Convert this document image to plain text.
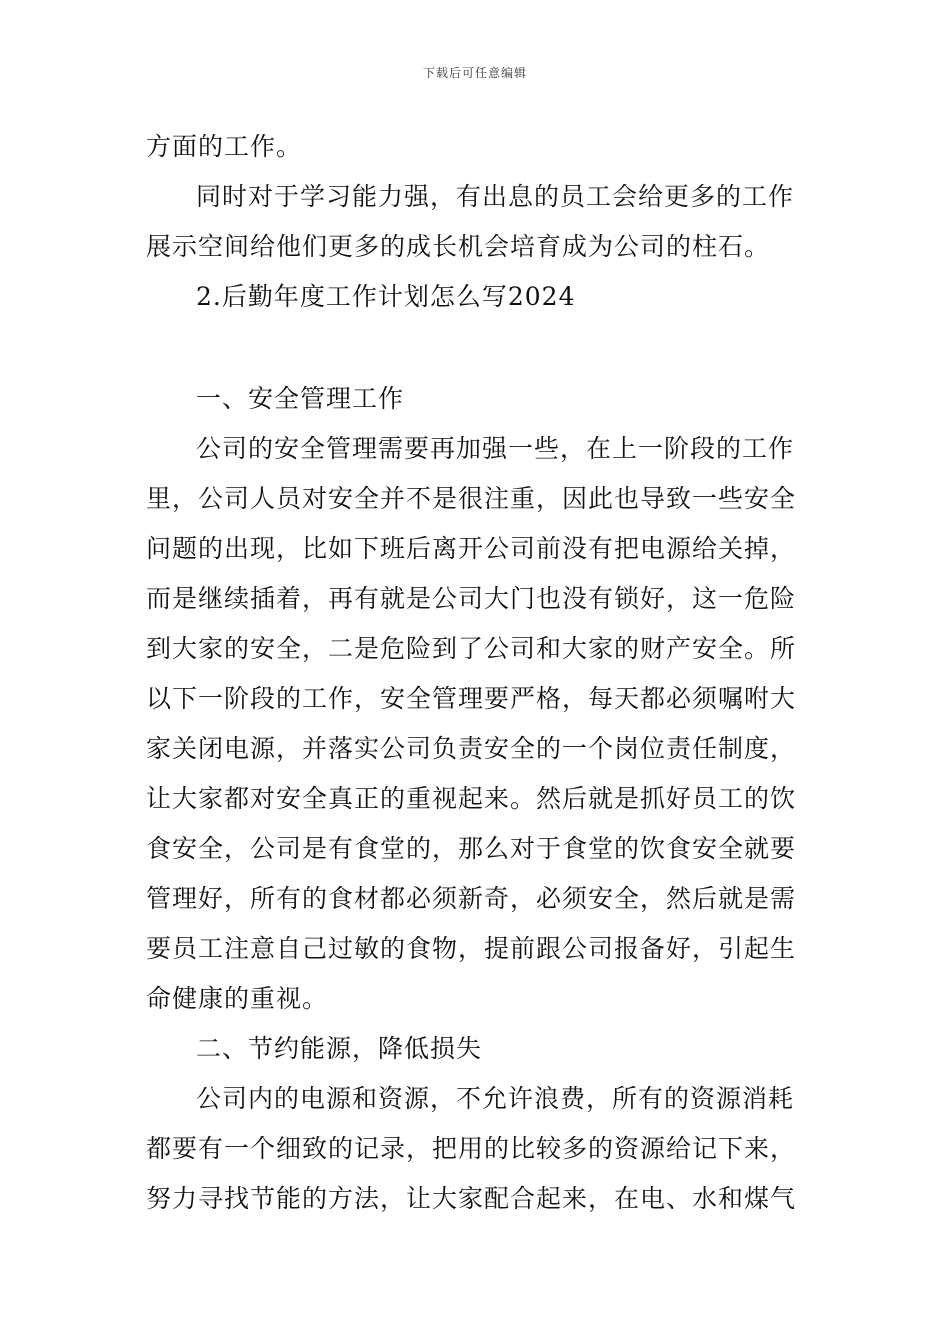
下载后可任意编辑
方面的工作。
同时对于学习能力强，有出息的员工会给更多的工作
展示空间给他们更多的成长机会培育成为公司的柱石。
2.后勤年度工作计划怎么写2024
一、安全管理工作
公司的安全管理需要再加强一些，在上一阶段的工作
里，公司人员对安全并不是很注重，因此也导致一些安全
问题的出现，比如下班后离开公司前没有把电源给关掉，
而是继续插着，再有就是公司大门也没有锁好，这一危险
到大家的安全，二是危险到了公司和大家的财产安全。所
以下一阶段的工作，安全管理要严格，每天都必须嘱咐大
家关闭电源，并落实公司负责安全的一个岗位责任制度，
让大家都对安全真正的重视起来。然后就是抓好员工的饮
食安全，公司是有食堂的，那么对于食堂的饮食安全就要
管理好，所有的食材都必须新奇，必须安全，然后就是需
要员工注意自己过敏的食物，提前跟公司报备好，引起生
命健康的重视。
二、节约能源，降低损失
公司内的电源和资源，不允许浪费，所有的资源消耗
都要有一个细致的记录，把用的比较多的资源给记下来，
努力寻找节能的方法，让大家配合起来，在电、水和煤气
